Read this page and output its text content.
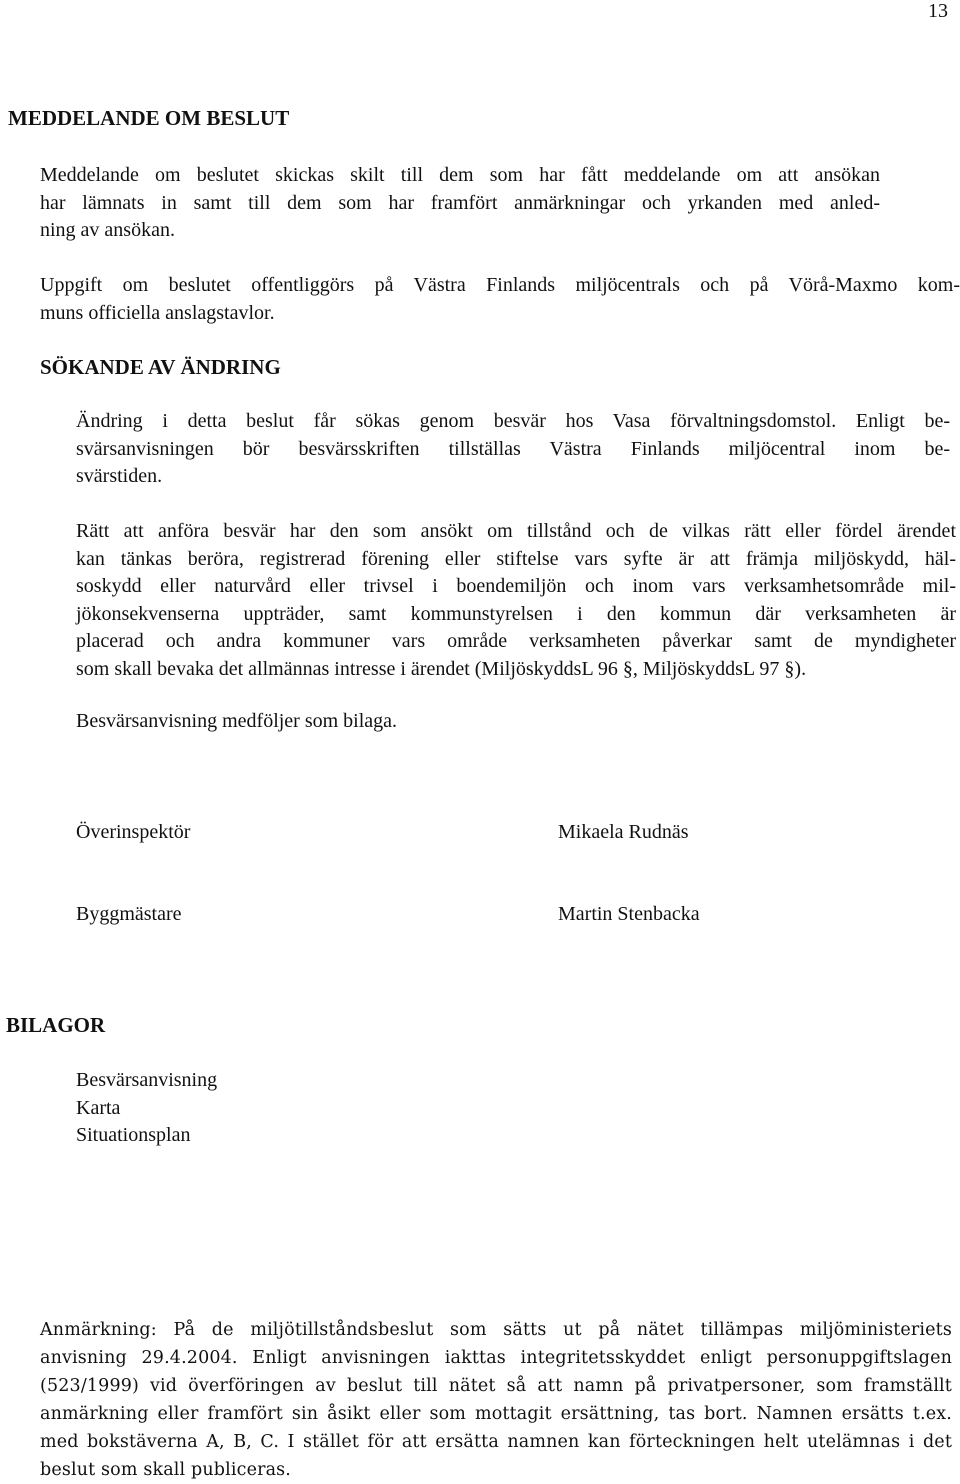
13
MEDDELANDE OM BESLUT
Meddelande om beslutet skickas skilt till dem som har fått meddelande om att ansökan
har lämnats in samt till dem som har framfört anmärkningar och yrkanden med anled-
ning av ansökan.
Uppgift om beslutet offentliggörs på Västra Finlands miljöcentrals och på Vörå-Maxmo kom-
muns officiella anslagstavlor.
SÖKANDE AV ÄNDRING
Ändring i detta beslut får sökas genom besvär hos Vasa förvaltningsdomstol. Enligt be-
svärsanvisningen bör besvärsskriften tillställas Västra Finlands miljöcentral inom be-
svärstiden.
Rätt att anföra besvär har den som ansökt om tillstånd och de vilkas rätt eller fördel ärendet
kan tänkas beröra, registrerad förening eller stiftelse vars syfte är att främja miljöskydd, häl-
soskydd eller naturvård eller trivsel i boendemiljön och inom vars verksamhetsområde mil-
jökonsekvenserna uppträder, samt kommunstyrelsen i den kommun där verksamheten är
placerad och andra kommuner vars område verksamheten påverkar samt de myndigheter
som skall bevaka det allmännas intresse i ärendet (MiljöskyddsL 96 §, MiljöskyddsL 97 §).
Besvärsanvisning medföljer som bilaga.
Överinspektör	Mikaela Rudnäs
Byggmästare	Martin Stenbacka
BILAGOR
Besvärsanvisning
Karta
Situationsplan
Anmärkning: På de miljötillståndsbeslut som sätts ut på nätet tillämpas miljöministeriets
anvisning 29.4.2004. Enligt anvisningen iakttas integritetsskyddet enligt personuppgiftslagen
(523/1999) vid överföringen av beslut till nätet så att namn på privatpersoner, som framställt
anmärkning eller framfört sin åsikt eller som mottagit ersättning, tas bort. Namnen ersätts t.ex.
med bokstäverna A, B, C. I stället för att ersätta namnen kan förteckningen helt utelämnas i det
beslut som skall publiceras.
